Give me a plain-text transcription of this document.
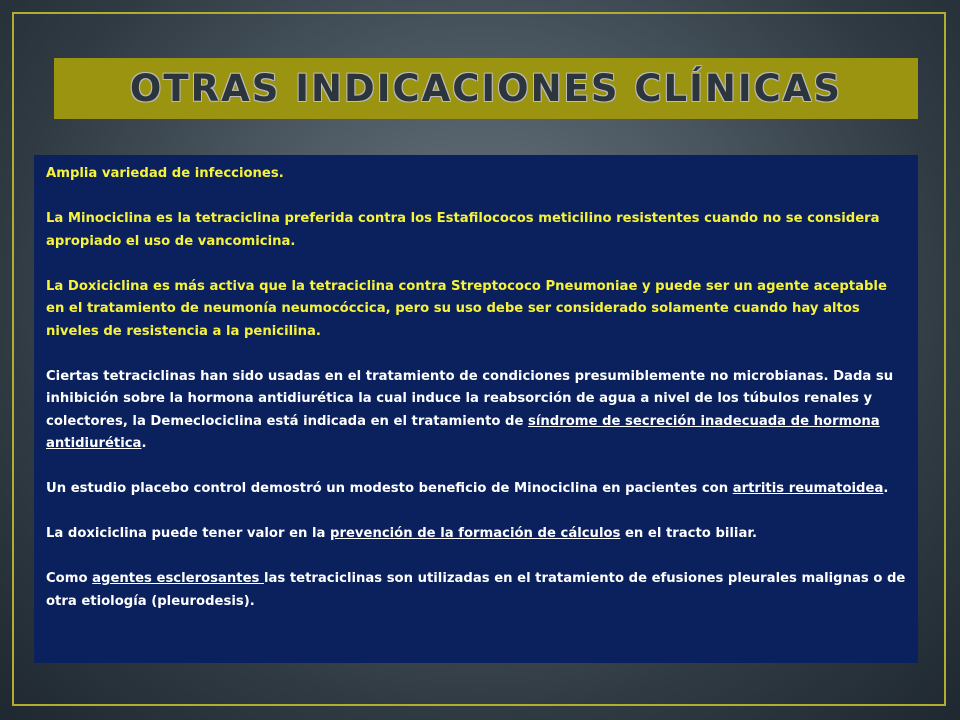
OTRAS INDICACIONES CLÍNICAS

Amplia variedad de infecciones.

La Minociclina es la tetraciclina preferida contra los Estafilococos meticilino resistentes cuando no se considera apropiado el uso de vancomicina.

La Doxiciclina es más activa que la tetraciclina contra Streptococo Pneumoniae y puede ser un agente aceptable en el tratamiento de neumonía neumocóccica, pero su uso debe ser considerado solamente cuando hay altos niveles de resistencia a la penicilina.

Ciertas tetraciclinas han sido usadas en el tratamiento de condiciones presumiblemente no microbianas. Dada su inhibición sobre la hormona antidiurética la cual induce la reabsorción de agua a nivel de los túbulos renales y colectores, la Demeclociclina está indicada en el tratamiento de síndrome de secreción inadecuada de hormona antidiurética.

Un estudio placebo control demostró un modesto beneficio de Minociclina en pacientes con artritis reumatoidea.

La doxiciclina puede tener valor en la prevención de la formación de cálculos en el tracto biliar.

Como agentes esclerosantes las tetraciclinas son utilizadas en el tratamiento de efusiones pleurales malignas o de otra etiología (pleurodesis).
